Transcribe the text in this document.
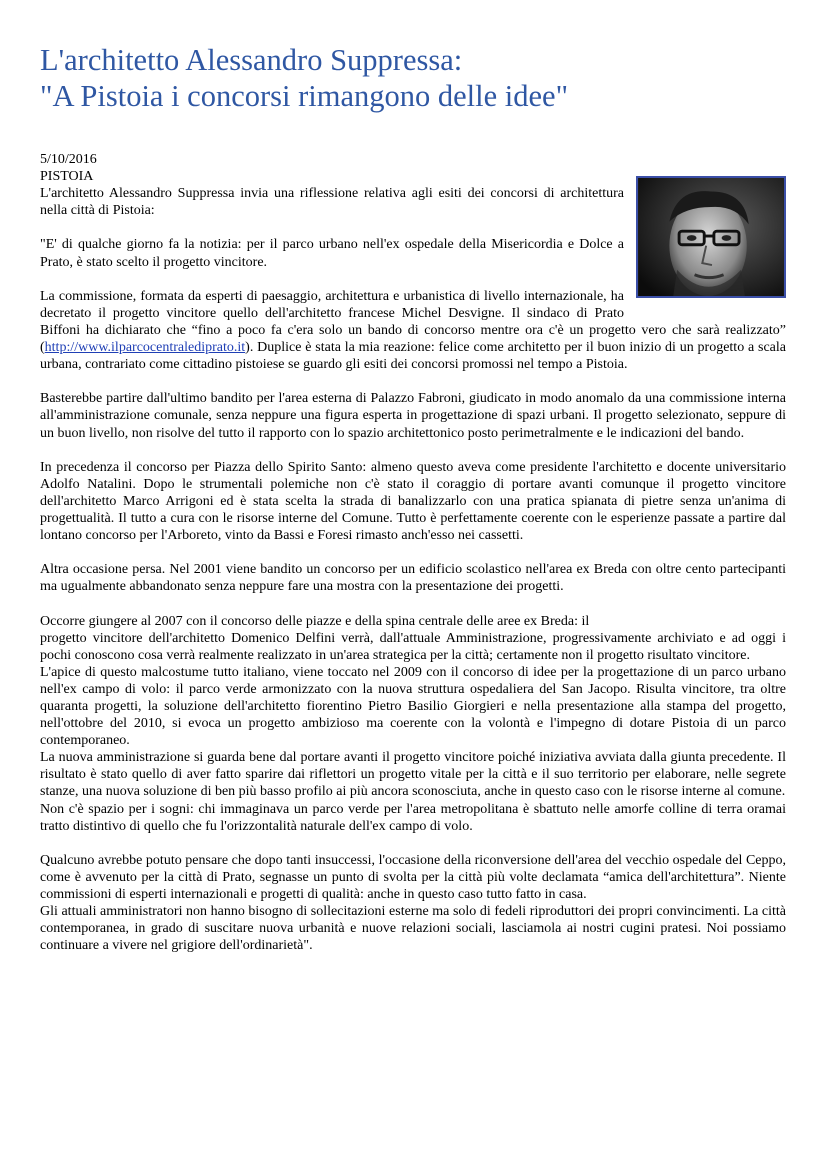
L'architetto Alessandro Suppressa:
"A Pistoia i concorsi rimangono delle idee"

5/10/2016

PISTOIA

L'architetto Alessandro Suppressa invia una riflessione relativa agli esiti dei concorsi di architettura nella città di Pistoia:

"E' di qualche giorno fa la notizia: per il parco urbano nell'ex ospedale della Misericordia e Dolce a Prato, è stato scelto il progetto vincitore.

La commissione, formata da esperti di paesaggio, architettura e urbanistica di livello internazionale, ha decretato il progetto vincitore quello dell'architetto francese Michel Desvigne. Il sindaco di Prato Biffoni ha dichiarato che “fino a poco fa c'era solo un bando di concorso mentre ora c'è un progetto vero che sarà realizzato” (http://www.ilparcocentralediprato.it). Duplice è stata la mia reazione: felice come architetto per il buon inizio di un progetto a scala urbana, contrariato come cittadino pistoiese se guardo gli esiti dei concorsi promossi nel tempo a Pistoia.

Basterebbe partire dall'ultimo bandito per l'area esterna di Palazzo Fabroni, giudicato in modo anomalo da una commissione interna all'amministrazione comunale, senza neppure una figura esperta in progettazione di spazi urbani. Il progetto selezionato, seppure di un buon livello, non risolve del tutto il rapporto con lo spazio architettonico posto perimetralmente e le indicazioni del bando.

In precedenza il concorso per Piazza dello Spirito Santo: almeno questo aveva come presidente l'architetto e docente universitario Adolfo Natalini. Dopo le strumentali polemiche non c'è stato il coraggio di portare avanti comunque il progetto vincitore dell'architetto Marco Arrigoni ed è stata scelta la strada di banalizzarlo con una pratica spianata di pietre senza un'anima di progettualità. Il tutto a cura con le risorse interne del Comune. Tutto è perfettamente coerente con le esperienze passate a partire dal lontano concorso per l'Arboreto, vinto da Bassi e Foresi rimasto anch'esso nei cassetti.

Altra occasione persa. Nel 2001 viene bandito un concorso per un edificio scolastico nell'area ex Breda con oltre cento partecipanti ma ugualmente abbandonato senza neppure fare una mostra con la presentazione dei progetti.

Occorre giungere al 2007 con il concorso delle piazze e della spina centrale delle aree ex Breda: il
progetto vincitore dell'architetto Domenico Delfini verrà, dall'attuale Amministrazione, progressivamente archiviato e ad oggi i pochi conoscono cosa verrà realmente realizzato in un'area strategica per la città; certamente non il progetto risultato vincitore.

L'apice di questo malcostume tutto italiano, viene toccato nel 2009 con il concorso di idee per la progettazione di un parco urbano nell'ex campo di volo: il parco verde armonizzato con la nuova struttura ospedaliera del San Jacopo. Risulta vincitore, tra oltre quaranta progetti, la soluzione dell'architetto fiorentino Pietro Basilio Giorgieri e nella presentazione alla stampa del progetto, nell'ottobre del 2010, si evoca un progetto ambizioso ma coerente con la volontà e l'impegno di dotare Pistoia di un parco contemporaneo.

La nuova amministrazione si guarda bene dal portare avanti il progetto vincitore poiché iniziativa avviata dalla giunta precedente. Il risultato è stato quello di aver fatto sparire dai riflettori un progetto vitale per la città e il suo territorio per elaborare, nelle segrete stanze, una nuova soluzione di ben più basso profilo ai più ancora sconosciuta, anche in questo caso con le risorse interne al comune.

Non c'è spazio per i sogni: chi immaginava un parco verde per l'area metropolitana è sbattuto nelle amorfe colline di terra oramai tratto distintivo di quello che fu l'orizzontalità naturale dell'ex campo di volo.

Qualcuno avrebbe potuto pensare che dopo tanti insuccessi, l'occasione della riconversione dell'area del vecchio ospedale del Ceppo, come è avvenuto per la città di Prato, segnasse un punto di svolta per la città più volte declamata “amica dell'architettura”. Niente commissioni di esperti internazionali e progetti di qualità: anche in questo caso tutto fatto in casa.

Gli attuali amministratori non hanno bisogno di sollecitazioni esterne ma solo di fedeli riproduttori dei propri convincimenti. La città contemporanea, in grado di suscitare nuova urbanità e nuove relazioni sociali, lasciamola ai nostri cugini pratesi. Noi possiamo continuare a vivere nel grigiore dell'ordinarietà".
